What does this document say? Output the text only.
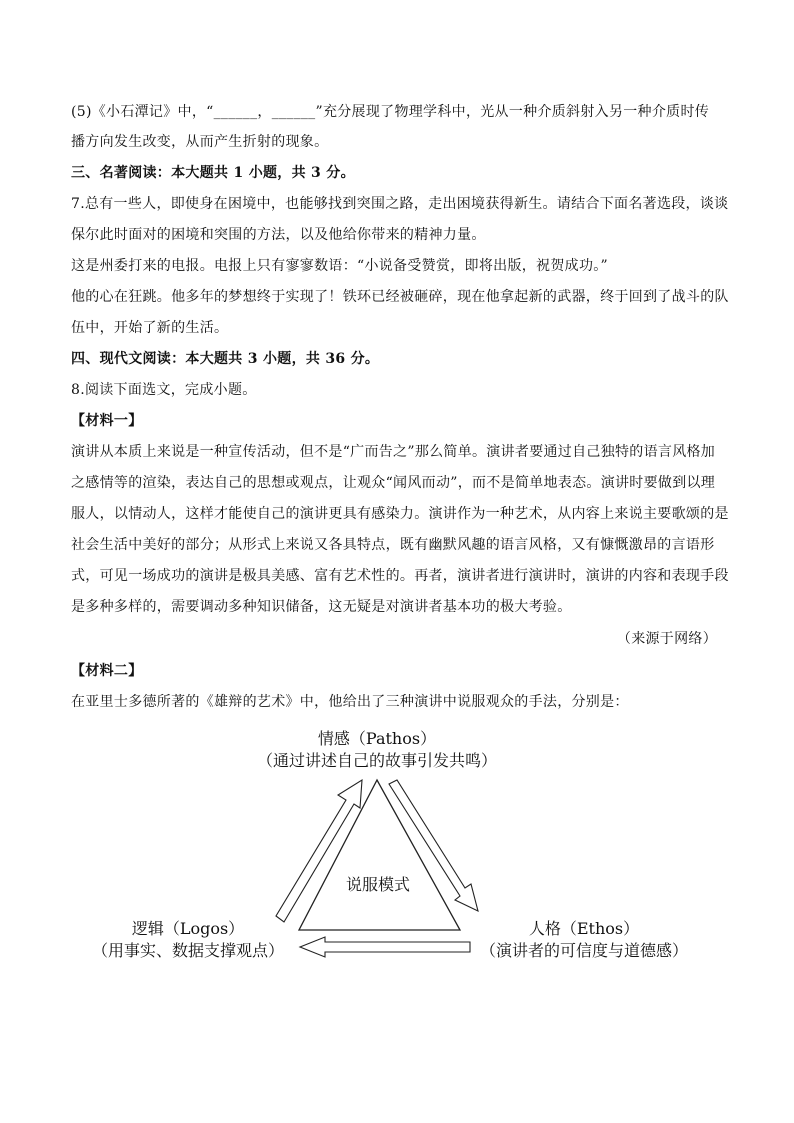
(5)《小石潭记》中，“______，______”充分展现了物理学科中，光从一种介质斜射入另一种介质时传
播方向发生改变，从而产生折射的现象。
三、名著阅读：本大题共 1 小题，共 3 分。
7.总有一些人，即使身在困境中，也能够找到突围之路，走出困境获得新生。请结合下面名著选段，谈谈
保尔此时面对的困境和突围的方法，以及他给你带来的精神力量。
这是州委打来的电报。电报上只有寥寥数语：“小说备受赞赏，即将出版，祝贺成功。”
他的心在狂跳。他多年的梦想终于实现了！铁环已经被砸碎，现在他拿起新的武器，终于回到了战斗的队
伍中，开始了新的生活。
四、现代文阅读：本大题共 3 小题，共 36 分。
8.阅读下面选文，完成小题。
【材料一】
演讲从本质上来说是一种宣传活动，但不是“广而告之”那么简单。演讲者要通过自己独特的语言风格加
之感情等的渲染，表达自己的思想或观点，让观众“闻风而动”，而不是简单地表态。演讲时要做到以理
服人，以情动人，这样才能使自己的演讲更具有感染力。演讲作为一种艺术，从内容上来说主要歌颂的是
社会生活中美好的部分；从形式上来说又各具特点，既有幽默风趣的语言风格，又有慷慨激昂的言语形
式，可见一场成功的演讲是极具美感、富有艺术性的。再者，演讲者进行演讲时，演讲的内容和表现手段
是多种多样的，需要调动多种知识储备，这无疑是对演讲者基本功的极大考验。
（来源于网络）
【材料二】
在亚里士多德所著的《雄辩的艺术》中，他给出了三种演讲中说服观众的手法，分别是：
情感（Pathos）
（通过讲述自己的故事引发共鸣）
说服模式
逻辑（Logos）
（用事实、数据支撑观点）
人格（Ethos）
（演讲者的可信度与道德感）
